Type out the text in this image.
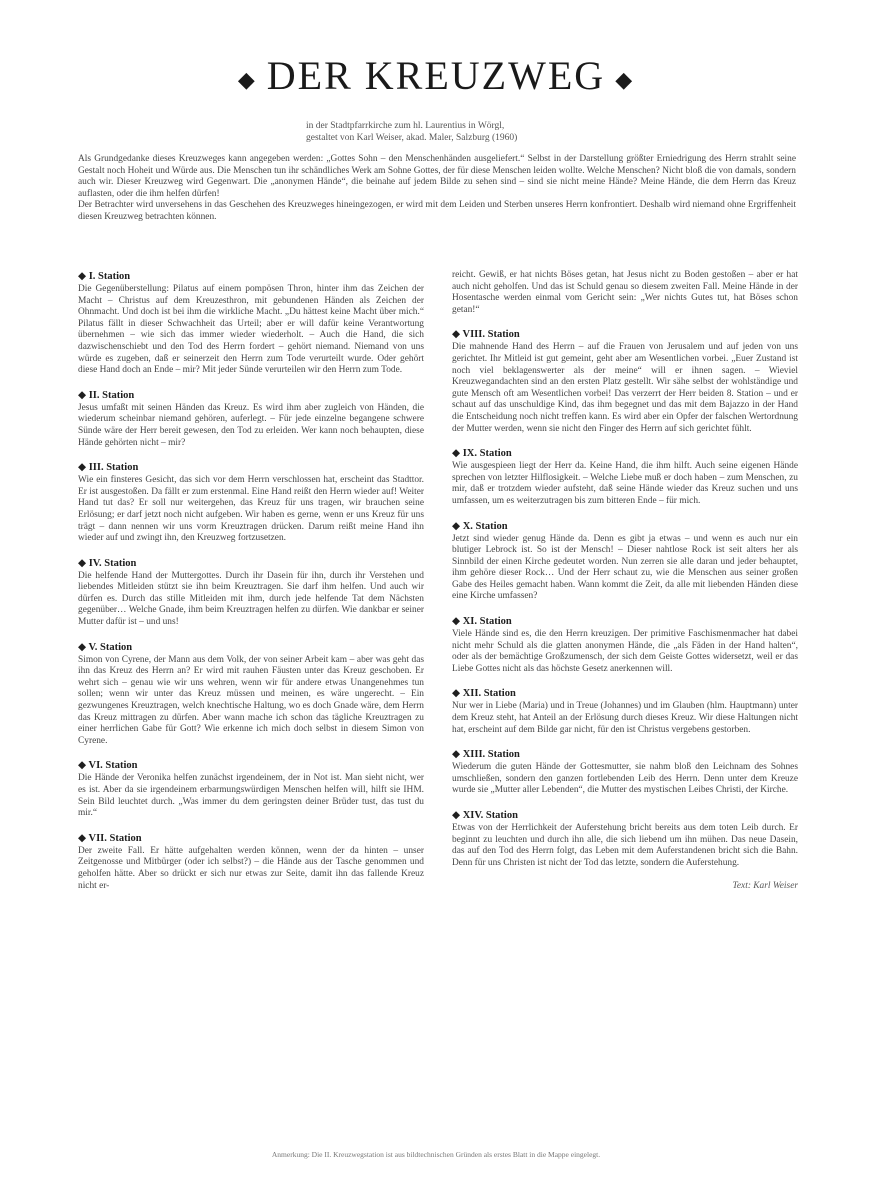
◆ DER KREUZWEG ◆
in der Stadtpfarrkirche zum hl. Laurentius in Wörgl,
gestaltet von Karl Weiser, akad. Maler, Salzburg (1960)

Als Grundgedanke dieses Kreuzweges kann angegeben werden: „Gottes Sohn – den Menschenhänden ausgeliefert.“ Selbst in der Darstellung größter Erniedrigung des Herrn strahlt seine Gestalt noch Hoheit und Würde aus. Die Menschen tun ihr schändliches Werk am Sohne Gottes, der für diese Menschen leiden wollte. Welche Menschen? Nicht bloß die von damals, sondern auch wir. Dieser Kreuzweg wird Gegenwart. Die „anonymen Hände“, die beinahe auf jedem Bilde zu sehen sind – sind sie nicht meine Hände? Meine Hände, die dem Herrn das Kreuz auflasten, oder die ihm helfen dürfen!

Der Betrachter wird unversehens in das Geschehen des Kreuzweges hineingezogen, er wird mit dem Leiden und Sterben unseres Herrn konfrontiert. Deshalb wird niemand ohne Ergriffenheit diesen Kreuzweg betrachten können.

◆ I. Station

Die Gegenüberstellung: Pilatus auf einem pompösen Thron, hinter ihm das Zeichen der Macht – Christus auf dem Kreuzesthron, mit gebundenen Händen als Zeichen der Ohnmacht. Und doch ist bei ihm die wirkliche Macht. „Du hättest keine Macht über mich.“ Pilatus fällt in dieser Schwachheit das Urteil; aber er will dafür keine Verantwortung übernehmen – wie sich das immer wieder wiederholt. – Auch die Hand, die sich dazwischenschiebt und den Tod des Herrn fordert – gehört niemand. Niemand von uns würde es zugeben, daß er seinerzeit den Herrn zum Tode verurteilt wurde. Oder gehört diese Hand doch an Ende – mir? Mit jeder Sünde verurteilen wir den Herrn zum Tode.

◆ II. Station

Jesus umfaßt mit seinen Händen das Kreuz. Es wird ihm aber zugleich von Händen, die wiederum scheinbar niemand gehören, auferlegt. – Für jede einzelne begangene schwere Sünde wäre der Herr bereit gewesen, den Tod zu erleiden. Wer kann noch behaupten, diese Hände gehörten nicht – mir?

◆ III. Station

Wie ein finsteres Gesicht, das sich vor dem Herrn verschlossen hat, erscheint das Stadttor. Er ist ausgestoßen. Da fällt er zum erstenmal. Eine Hand reißt den Herrn wieder auf! Weiter Hand tut das? Er soll nur weitergehen, das Kreuz für uns tragen, wir brauchen seine Erlösung; er darf jetzt noch nicht aufgeben. Wir haben es gerne, wenn er uns Kreuz für uns trägt – dann nennen wir uns vorm Kreuztragen drücken. Darum reißt meine Hand ihn wieder auf und zwingt ihn, den Kreuzweg fortzusetzen.

◆ IV. Station

Die helfende Hand der Muttergottes. Durch ihr Dasein für ihn, durch ihr Verstehen und liebendes Mitleiden stützt sie ihn beim Kreuztragen. Sie darf ihm helfen. Und auch wir dürfen es. Durch das stille Mitleiden mit ihm, durch jede helfende Tat dem Nächsten gegenüber… Welche Gnade, ihm beim Kreuztragen helfen zu dürfen. Wie dankbar er seiner Mutter dafür ist – und uns!

◆ V. Station

Simon von Cyrene, der Mann aus dem Volk, der von seiner Arbeit kam – aber was geht das ihn das Kreuz des Herrn an? Er wird mit rauhen Fäusten unter das Kreuz geschoben. Er wehrt sich – genau wie wir uns wehren, wenn wir für andere etwas Unangenehmes tun sollen; wenn wir unter das Kreuz müssen und meinen, es wäre ungerecht. – Ein gezwungenes Kreuztragen, welch knechtische Haltung, wo es doch Gnade wäre, dem Herrn das Kreuz mittragen zu dürfen. Aber wann mache ich schon das tägliche Kreuztragen zu einer herrlichen Gabe für Gott? Wie erkenne ich mich doch selbst in diesem Simon von Cyrene.

◆ VI. Station

Die Hände der Veronika helfen zunächst irgendeinem, der in Not ist. Man sieht nicht, wer es ist. Aber da sie irgendeinem erbarmungswürdigen Menschen helfen will, hilft sie IHM. Sein Bild leuchtet durch. „Was immer du dem geringsten deiner Brüder tust, das tust du mir.“

◆ VII. Station

Der zweite Fall. Er hätte aufgehalten werden können, wenn der da hinten – unser Zeitgenosse und Mitbürger (oder ich selbst?) – die Hände aus der Tasche genommen und geholfen hätte. Aber so drückt er sich nur etwas zur Seite, damit ihn das fallende Kreuz nicht er-

reicht. Gewiß, er hat nichts Böses getan, hat Jesus nicht zu Boden gestoßen – aber er hat auch nicht geholfen. Und das ist Schuld genau so diesem zweiten Fall. Meine Hände in der Hosentasche werden einmal vom Gericht sein: „Wer nichts Gutes tut, hat Böses schon getan!“

◆ VIII. Station

Die mahnende Hand des Herrn – auf die Frauen von Jerusalem und auf jeden von uns gerichtet. Ihr Mitleid ist gut gemeint, geht aber am Wesentlichen vorbei. „Euer Zustand ist noch viel beklagenswerter als der meine“ will er ihnen sagen. – Wieviel Kreuzwegandachten sind an den ersten Platz gestellt. Wir sähe selbst der wohlständige und gute Mensch oft am Wesentlichen vorbei! Das verzerrt der Herr beiden 8. Station – und er schaut auf das unschuldige Kind, das ihm begegnet und das mit dem Bajazzo in der Hand die Entscheidung noch nicht treffen kann. Es wird aber ein Opfer der falschen Wertordnung der Mutter werden, wenn sie nicht den Finger des Herrn auf sich gerichtet fühlt.

◆ IX. Station

Wie ausgespieen liegt der Herr da. Keine Hand, die ihm hilft. Auch seine eigenen Hände sprechen von letzter Hilflosigkeit. – Welche Liebe muß er doch haben – zum Menschen, zu mir, daß er trotzdem wieder aufsteht, daß seine Hände wieder das Kreuz suchen und uns umfassen, um es weiterzutragen bis zum bitteren Ende – für mich.

◆ X. Station

Jetzt sind wieder genug Hände da. Denn es gibt ja etwas – und wenn es auch nur ein blutiger Lebrock ist. So ist der Mensch! – Dieser nahtlose Rock ist seit alters her als Sinnbild der einen Kirche gedeutet worden. Nun zerren sie alle daran und jeder behauptet, ihm gehöre dieser Rock… Und der Herr schaut zu, wie die Menschen aus seiner großen Gabe des Heiles gemacht haben. Wann kommt die Zeit, da alle mit liebenden Händen diese eine Kirche umfassen?

◆ XI. Station

Viele Hände sind es, die den Herrn kreuzigen. Der primitive Faschismenmacher hat dabei nicht mehr Schuld als die glatten anonymen Hände, die „als Fäden in der Hand halten“, oder als der bemächtige Großzumensch, der sich dem Geiste Gottes widersetzt, weil er das Liebe Gottes nicht als das höchste Gesetz anerkennen will.

◆ XII. Station

Nur wer in Liebe (Maria) und in Treue (Johannes) und im Glauben (hlm. Hauptmann) unter dem Kreuz steht, hat Anteil an der Erlösung durch dieses Kreuz. Wir diese Haltungen nicht hat, erscheint auf dem Bilde gar nicht, für den ist Christus vergebens gestorben.

◆ XIII. Station

Wiederum die guten Hände der Gottesmutter, sie nahm bloß den Leichnam des Sohnes umschließen, sondern den ganzen fortlebenden Leib des Herrn. Denn unter dem Kreuze wurde sie „Mutter aller Lebenden“, die Mutter des mystischen Leibes Christi, der Kirche.

◆ XIV. Station

Etwas von der Herrlichkeit der Auferstehung bricht bereits aus dem toten Leib durch. Er beginnt zu leuchten und durch ihn alle, die sich liebend um ihn mühen. Das neue Dasein, das auf den Tod des Herrn folgt, das Leben mit dem Auferstandenen bricht sich die Bahn. Denn für uns Christen ist nicht der Tod das letzte, sondern die Auferstehung.

Text: Karl Weiser
Anmerkung: Die II. Kreuzwegstation ist aus bildtechnischen Gründen als erstes Blatt in die Mappe eingelegt.
